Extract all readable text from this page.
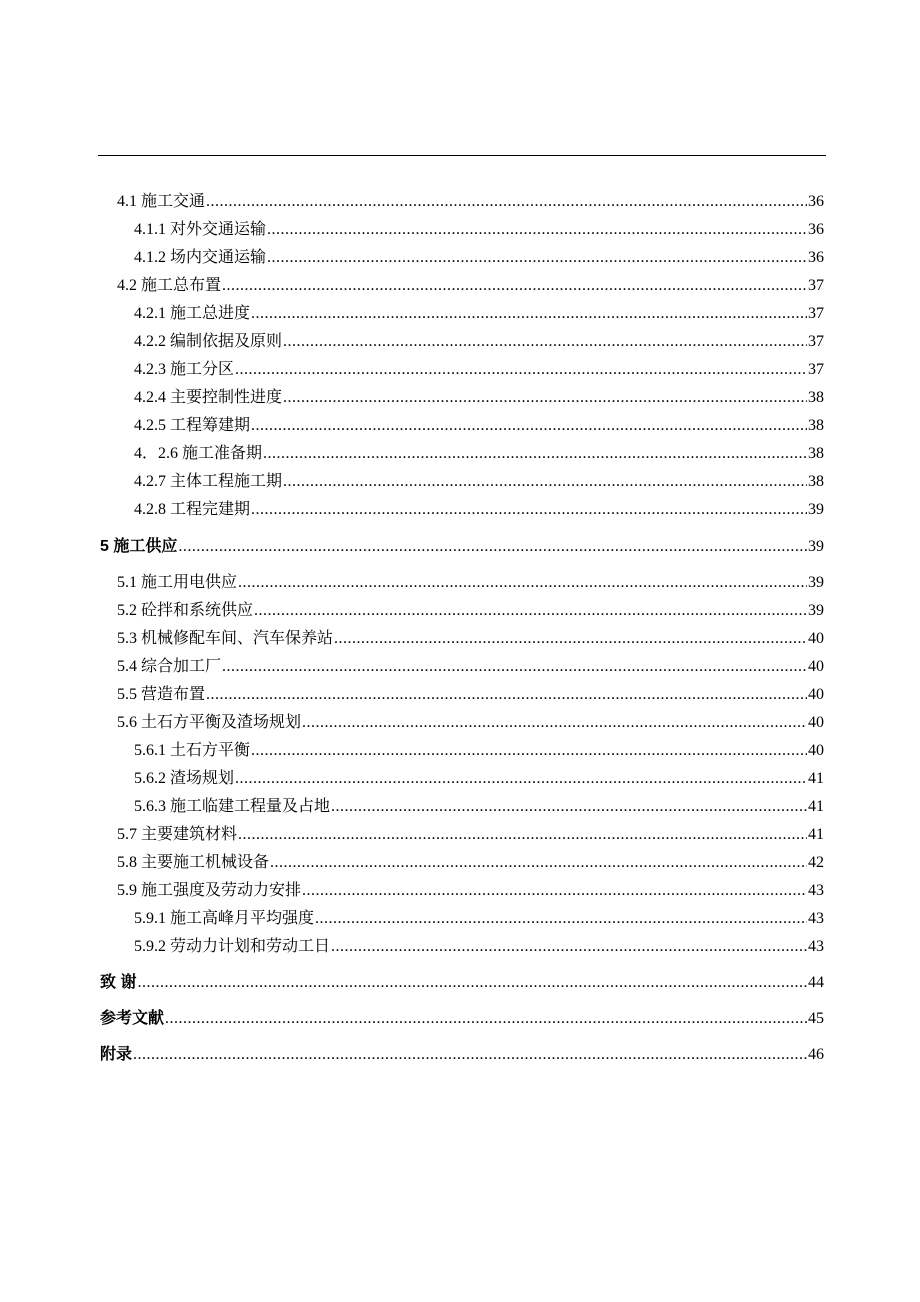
4.1 施工交通 .....	36
4.1.1 对外交通运输 .....	36
4.1.2 场内交通运输 .....	36
4.2 施工总布置 .....	37
4.2.1 施工总进度 .....	37
4.2.2 编制依据及原则 .....	37
4.2.3 施工分区 .....	37
4.2.4 主要控制性进度 .....	38
4.2.5 工程筹建期 .....	38
4．2.6 施工准备期 .....	38
4.2.7 主体工程施工期 .....	38
4.2.8 工程完建期 .....	39
5 施工供应 .....	39
5.1 施工用电供应 .....	39
5.2 砼拌和系统供应 .....	39
5.3 机械修配车间、汽车保养站 .....	40
5.4 综合加工厂 .....	40
5.5 营造布置 .....	40
5.6 土石方平衡及渣场规划 .....	40
5.6.1 土石方平衡 .....	40
5.6.2 渣场规划 .....	41
5.6.3 施工临建工程量及占地 .....	41
5.7 主要建筑材料 .....	41
5.8 主要施工机械设备 .....	42
5.9 施工强度及劳动力安排 .....	43
5.9.1 施工高峰月平均强度 .....	43
5.9.2 劳动力计划和劳动工日 .....	43
致 谢 .....	44
参考文献 .....	45
附录 .....	46
